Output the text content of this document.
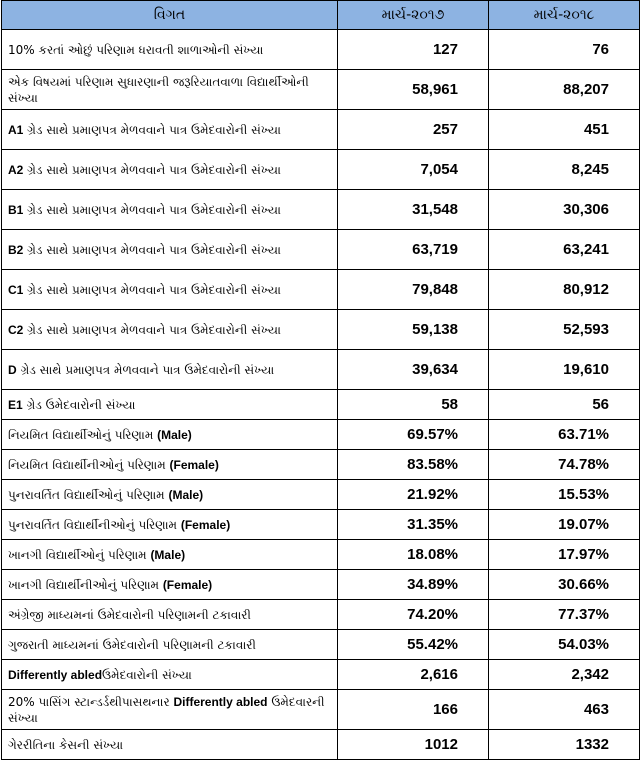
વિગત	માર્ચ-૨૦૧૭	માર્ચ-૨૦૧૮
10% કરતાં ઓછું પરિણામ ધરાવતી શાળાઓની સંખ્યા	127	76
એક વિષયમાં પરિણામ સુધારણાની જરૂરિયાતવાળા વિદ્યાર્થીઓની સંખ્યા	58,961	88,207
A1 ગ્રેડ સાથે પ્રમાણપત્ર મેળવવાને પાત્ર ઉમેદવારોની સંખ્યા	257	451
A2 ગ્રેડ સાથે પ્રમાણપત્ર મેળવવાને પાત્ર ઉમેદવારોની સંખ્યા	7,054	8,245
B1 ગ્રેડ સાથે પ્રમાણપત્ર મેળવવાને પાત્ર ઉમેદવારોની સંખ્યા	31,548	30,306
B2 ગ્રેડ સાથે પ્રમાણપત્ર મેળવવાને પાત્ર ઉમેદવારોની સંખ્યા	63,719	63,241
C1 ગ્રેડ સાથે પ્રમાણપત્ર મેળવવાને પાત્ર ઉમેદવારોની સંખ્યા	79,848	80,912
C2 ગ્રેડ સાથે પ્રમાણપત્ર મેળવવાને પાત્ર ઉમેદવારોની સંખ્યા	59,138	52,593
D ગ્રેડ સાથે પ્રમાણપત્ર મેળવવાને પાત્ર ઉમેદવારોની સંખ્યા	39,634	19,610
E1 ગ્રેડ ઉમેદવારોની સંખ્યા	58	56
નિયમિત વિદ્યાર્થીઓનું પરિણામ (Male)	69.57%	63.71%
નિયમિત વિદ્યાર્થીનીઓનું પરિણામ (Female)	83.58%	74.78%
પુનરાવર્તિત વિદ્યાર્થીઓનું પરિણામ (Male)	21.92%	15.53%
પુનરાવર્તિત વિદ્યાર્થીનીઓનું પરિણામ (Female)	31.35%	19.07%
ખાનગી વિદ્યાર્થીઓનું પરિણામ (Male)	18.08%	17.97%
ખાનગી વિદ્યાર્થીનીઓનું પરિણામ (Female)	34.89%	30.66%
અંગ્રેજી માધ્યમનાં ઉમેદવારોની પરિણામની ટકાવારી	74.20%	77.37%
ગુજરાતી માધ્યમનાં ઉમેદવારોની પરિણામની ટકાવારી	55.42%	54.03%
Differently abledઉમેદવારોની સંખ્યા	2,616	2,342
20% પાસિંગ સ્ટાન્ડર્ડથીપાસથનાર Differently abled ઉમેદવારની સંખ્યા	166	463
ગેરરીતિના કેસની સંખ્યા	1012	1332
